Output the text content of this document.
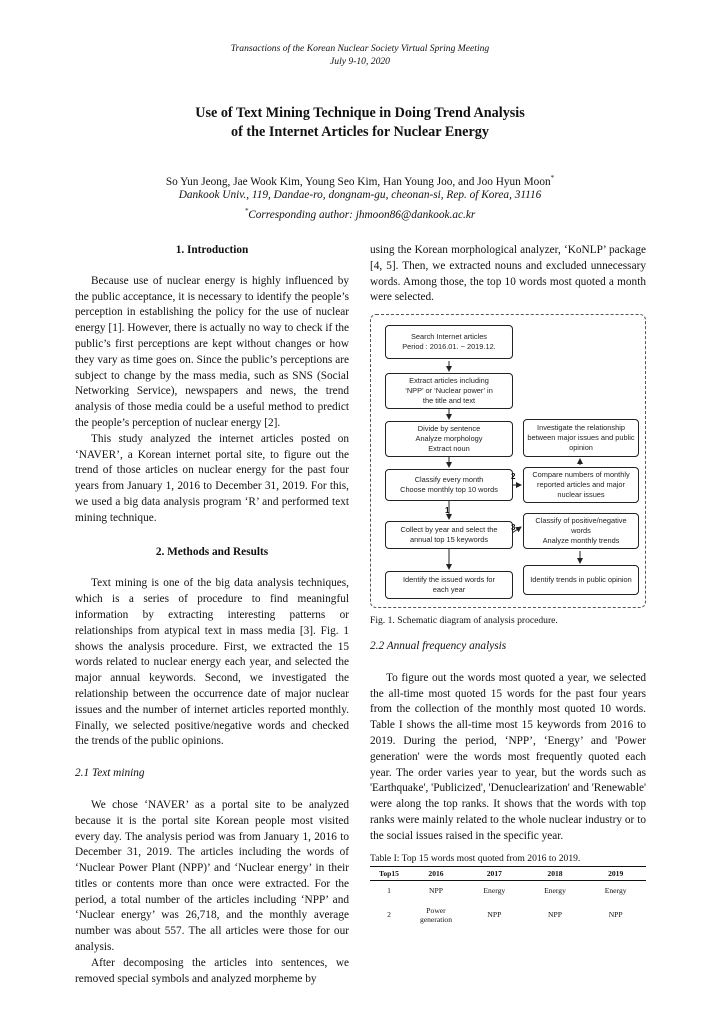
Transactions of the Korean Nuclear Society Virtual Spring Meeting
July 9-10, 2020
Use of Text Mining Technique in Doing Trend Analysis
of the Internet Articles for Nuclear Energy
So Yun Jeong, Jae Wook Kim, Young Seo Kim, Han Young Joo, and Joo Hyun Moon*
Dankook Univ., 119, Dandae-ro, dongnam-gu, cheonan-si, Rep. of Korea, 31116
*Corresponding author: jhmoon86@dankook.ac.kr
1. Introduction

Because use of nuclear energy is highly influenced by the public acceptance, it is necessary to identify the people’s perception in establishing the policy for the use of nuclear energy [1]. However, there is actually no way to check if the public’s first perceptions are kept without changes or how they vary as time goes on. Since the public’s perceptions are subject to change by the mass media, such as SNS (Social Networking Service), newspapers and news, the trend analysis of those media could be a useful method to predict the people’s perception of nuclear energy [2].

This study analyzed the internet articles posted on ‘NAVER’, a Korean internet portal site, to figure out the trend of those articles on nuclear energy for the past four years from January 1, 2016 to December 31, 2019. For this, we used a big data analysis program ‘R’ and performed text mining technique.

2. Methods and Results

Text mining is one of the big data analysis techniques, which is a series of procedure to find meaningful information by extracting interesting patterns or relationships from atypical text in mass media [3]. Fig. 1 shows the analysis procedure. First, we extracted the 15 words related to nuclear energy each year, and selected the major annual keywords. Second, we investigated the relationship between the occurrence date of major nuclear issues and the number of internet articles reported monthly. Finally, we selected positive/negative words and checked the trends of the public opinions.

2.1 Text mining

We chose ‘NAVER’ as a portal site to be analyzed because it is the portal site Korean people most visited every day. The analysis period was from January 1, 2016 to December 31, 2019. The articles including the words of ‘Nuclear Power Plant (NPP)’ and ‘Nuclear energy’ in their titles or contents more than once were extracted. For the period, a total number of the articles including ‘NPP’ and ‘Nuclear energy’ was 26,718, and the monthly average number was about 557. The all articles were those for our analysis.

After decomposing the articles into sentences, we removed special symbols and analyzed morpheme by

using the Korean morphological analyzer, ‘KoNLP’ package [4, 5]. Then, we extracted nouns and excluded unnecessary words. Among those, the top 10 words most quoted a month were selected.

Search Internet articles
Period : 2016.01. ~ 2019.12.
Extract articles including
‘NPP’ or ‘Nuclear power’ in
the title and text
Divide by sentence
Analyze morphology
Extract noun
Classify every month
Choose monthly top 10 words
Collect by year and select the
annual top 15 keywords
Identify the issued words for
each year
Investigate the relationship
between major issues and public
opinion
Compare numbers of monthly
reported articles and major
nuclear issues
Classify of positive/negative
words
Analyze monthly trends
Identify trends in public opinion
1
2
3
Fig. 1. Schematic diagram of analysis procedure.
2.2 Annual frequency analysis

To figure out the words most quoted a year, we selected the all-time most quoted 15 words for the past four years from the collection of the monthly most quoted 10 words. Table I shows the all-time most 15 keywords from 2016 to 2019. During the period, ‘NPP’, ‘Energy’ and 'Power generation' were the words most frequently quoted each year. The order varies year to year, but the words such as 'Earthquake', 'Publicized', 'Denuclearization' and 'Renewable' were along the top ranks. It shows that the words with top ranks were mainly related to the whole nuclear industry or to the social issues raised in the specific year.

Table I: Top 15 words most quoted from 2016 to 2019.
Top15	2016	2017	2018	2019
1	NPP	Energy	Energy	Energy
2	Power generation	NPP	NPP	NPP
